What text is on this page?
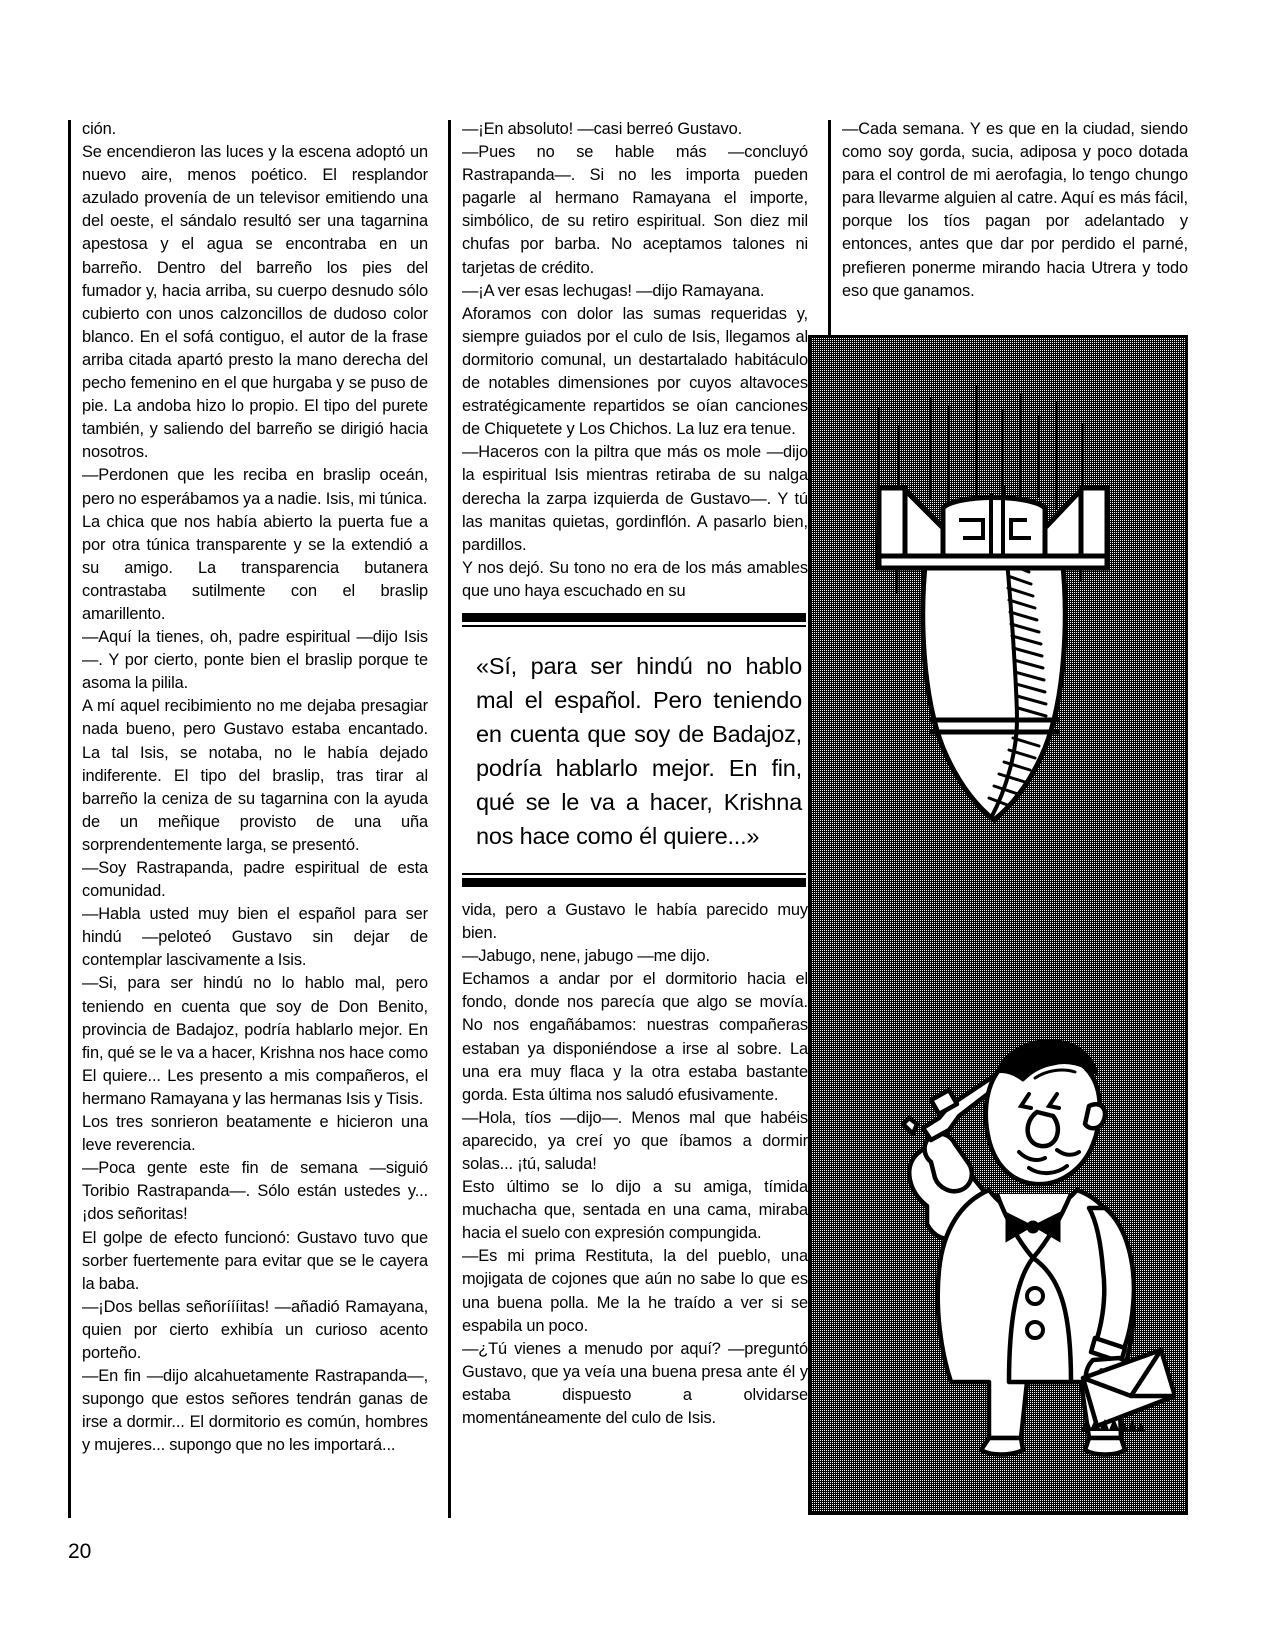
ción.

Se encendieron las luces y la escena adoptó un nuevo aire, menos poético. El resplandor azulado provenía de un televisor emitiendo una del oeste, el sándalo resultó ser una tagarnina apestosa y el agua se encontraba en un barreño. Dentro del barreño los pies del fumador y, hacia arriba, su cuerpo desnudo sólo cubierto con unos calzoncillos de dudoso color blanco. En el sofá contiguo, el autor de la frase arriba citada apartó presto la mano derecha del pecho femenino en el que hurgaba y se puso de pie. La andoba hizo lo propio. El tipo del purete también, y saliendo del barreño se dirigió hacia nosotros.

—Perdonen que les reciba en braslip oceán, pero no esperábamos ya a nadie. Isis, mi túnica.

La chica que nos había abierto la puerta fue a por otra túnica transparente y se la extendió a su amigo. La transparencia butanera contrastaba sutilmente con el braslip amarillento.

—Aquí la tienes, oh, padre espiritual —dijo Isis—. Y por cierto, ponte bien el braslip porque te asoma la pilila.

A mí aquel recibimiento no me dejaba presagiar nada bueno, pero Gustavo estaba encantado. La tal Isis, se notaba, no le había dejado indiferente. El tipo del braslip, tras tirar al barreño la ceniza de su tagarnina con la ayuda de un meñique provisto de una uña sorprendentemente larga, se presentó.

—Soy Rastrapanda, padre espiritual de esta comunidad.

—Habla usted muy bien el español para ser hindú —peloteó Gustavo sin dejar de contemplar lascivamente a Isis.

—Si, para ser hindú no lo hablo mal, pero teniendo en cuenta que soy de Don Benito, provincia de Badajoz, podría hablarlo mejor. En fin, qué se le va a hacer, Krishna nos hace como El quiere... Les presento a mis compañeros, el hermano Ramayana y las hermanas Isis y Tisis.

Los tres sonrieron beatamente e hicieron una leve reverencia.

—Poca gente este fin de semana —siguió Toribio Rastrapanda—. Sólo están ustedes y... ¡dos señoritas!

El golpe de efecto funcionó: Gustavo tuvo que sorber fuertemente para evitar que se le cayera la baba.

—¡Dos bellas señoríííitas! —añadió Ramayana, quien por cierto exhibía un curioso acento porteño.

—En fin —dijo alcahuetamente Rastrapanda—, supongo que estos señores tendrán ganas de irse a dormir... El dormitorio es común, hombres y mujeres... supongo que no les importará...

—¡En absoluto! —casi berreó Gustavo.

—Pues no se hable más —concluyó Rastrapanda—. Si no les importa pueden pagarle al hermano Ramayana el importe, simbólico, de su retiro espiritual. Son diez mil chufas por barba. No aceptamos talones ni tarjetas de crédito.

—¡A ver esas lechugas! —dijo Ramayana.

Aforamos con dolor las sumas requeridas y, siempre guiados por el culo de Isis, llegamos al dormitorio comunal, un destartalado habitáculo de notables dimensiones por cuyos altavoces estratégicamente repartidos se oían canciones de Chiquetete y Los Chichos. La luz era tenue.

—Haceros con la piltra que más os mole —dijo la espiritual Isis mientras retiraba de su nalga derecha la zarpa izquierda de Gustavo—. Y tú las manitas quietas, gordinflón. A pasarlo bien, pardillos.

Y nos dejó. Su tono no era de los más amables que uno haya escuchado en su

«Sí, para ser hindú no hablo mal el español. Pero teniendo en cuenta que soy de Badajoz, podría hablarlo mejor. En fin, qué se le va a hacer, Krishna nos hace como él quiere...»

vida, pero a Gustavo le había parecido muy bien.

—Jabugo, nene, jabugo —me dijo.

Echamos a andar por el dormitorio hacia el fondo, donde nos parecía que algo se movía. No nos engañábamos: nuestras compañeras estaban ya disponiéndose a irse al sobre. La una era muy flaca y la otra estaba bastante gorda. Esta última nos saludó efusivamente.

—Hola, tíos —dijo—. Menos mal que habéis aparecido, ya creí yo que íbamos a dormir solas... ¡tú, saluda!

Esto último se lo dijo a su amiga, tímida muchacha que, sentada en una cama, miraba hacia el suelo con expresión compungida.

—Es mi prima Restituta, la del pueblo, una mojigata de cojones que aún no sabe lo que es una buena polla. Me la he traído a ver si se espabila un poco.

—¿Tú vienes a menudo por aquí? —preguntó Gustavo, que ya veía una buena presa ante él y estaba dispuesto a olvidarse momentáneamente del culo de Isis.

—Cada semana. Y es que en la ciudad, siendo como soy gorda, sucia, adiposa y poco dotada para el control de mi aerofagia, lo tengo chungo para llevarme alguien al catre. Aquí es más fácil, porque los tíos pagan por adelantado y entonces, antes que dar por perdido el parné, prefieren ponerme mirando hacia Utrera y todo eso que ganamos.

20
